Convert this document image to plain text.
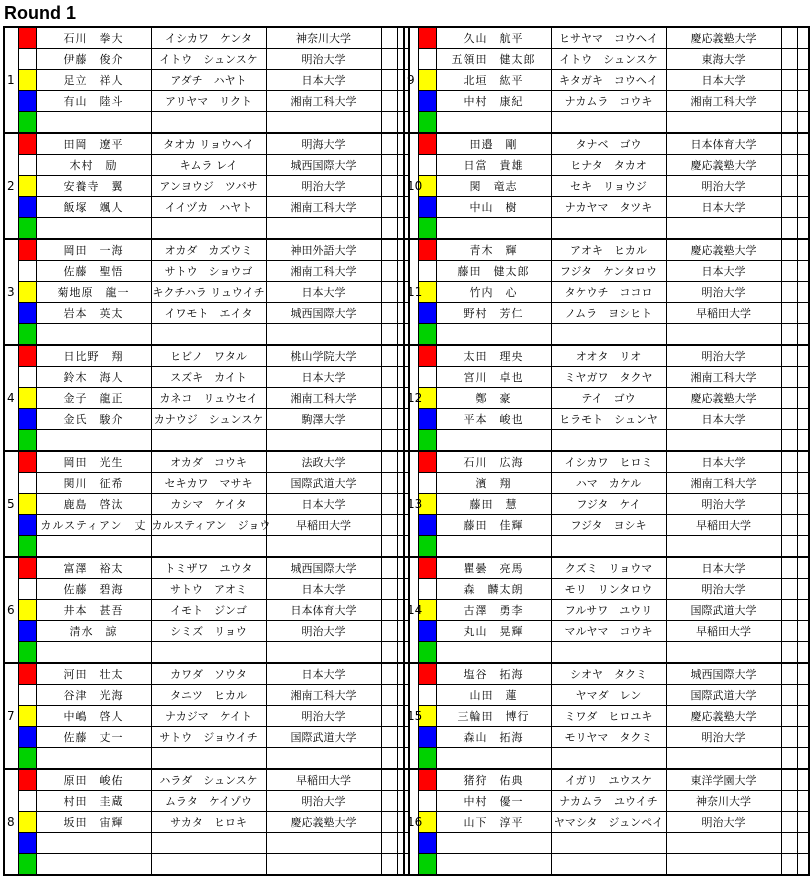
Round 1
1		石川　拳大	イシカワ　ケンタ	神奈川大学		

		伊藤　俊介	イトウ　シュンスケ	明治大学		

		足立　祥人	アダチ　ハヤト	日本大学		

		有山　陸斗	アリヤマ　リクト	湘南工科大学		

2		田岡　遼平	タオカ リョウヘイ	明海大学		

		木村　励	キムラ レイ	城西国際大学		

		安養寺　翼	アンヨウジ　ツバサ	明治大学		

		飯塚　颯人	イイヅカ　ハヤト	湘南工科大学		

3		岡田　一海	オカダ　カズウミ	神田外語大学		

		佐藤　聖悟	サトウ　ショウゴ	湘南工科大学		

		菊地原　龍一	キクチハラ リュウイチ	日本大学		

		岩本　英太	イワモト　エイタ	城西国際大学		

4		日比野　翔	ヒビノ　ワタル	桃山学院大学		

		鈴木　海人	スズキ　カイト	日本大学		

		金子　龍正	カネコ　リュウセイ	湘南工科大学		

		金氏　駿介	カナウジ　シュンスケ	駒澤大学		

5		岡田　光生	オカダ　コウキ	法政大学		

		関川　征希	セキカワ　マサキ	国際武道大学		

		鹿島　啓汰	カシマ　ケイタ	日本大学		

		カルスティアン　丈	カルスティアン　ジョウ	早稲田大学		

6		富澤　裕太	トミザワ　ユウタ	城西国際大学		

		佐藤　碧海	サトウ　アオミ	日本大学		

		井本　甚吾	イモト　ジンゴ	日本体育大学		

		清水　諒	シミズ　リョウ	明治大学		

7		河田　壮太	カワダ　ソウタ	日本大学		

		谷津　光海	タニツ　ヒカル	湘南工科大学		

		中嶋　啓人	ナカジマ　ケイト	明治大学		

		佐藤　丈一	サトウ　ジョウイチ	国際武道大学		

8		原田　峻佑	ハラダ　シュンスケ	早稲田大学		

		村田　圭蔵	ムラタ　ケイゾウ	明治大学		

		坂田　宙輝	サカタ　ヒロキ	慶応義塾大学		

9		久山　航平	ヒサヤマ　コウヘイ	慶応義塾大学		

		五領田　健太郎	イトウ　シュンスケ	東海大学		

		北垣　紘平	キタガキ　コウヘイ	日本大学		

		中村　康紀	ナカムラ　コウキ	湘南工科大学		

10		田邉　剛	タナベ　ゴウ	日本体育大学		

		日當　貴雄	ヒナタ　タカオ	慶応義塾大学		

		関　竜志	セキ　リョウジ	明治大学		

		中山　樹	ナカヤマ　タツキ	日本大学		

11		青木　輝	アオキ　ヒカル	慶応義塾大学		

		藤田　健太郎	フジタ　ケンタロウ	日本大学		

		竹内　心	タケウチ　ココロ	明治大学		

		野村　芳仁	ノムラ　ヨシヒト	早稲田大学		

12		太田　理央	オオタ　リオ	明治大学		

		宮川　卓也	ミヤガワ　タクヤ	湘南工科大学		

		鄭　豪	テイ　ゴウ	慶応義塾大学		

		平本　峻也	ヒラモト　シュンヤ	日本大学		

13		石川　広海	イシカワ　ヒロミ	日本大学		

		濱　翔	ハマ　カケル	湘南工科大学		

		藤田　慧	フジタ　ケイ	明治大学		

		藤田　佳輝	フジタ　ヨシキ	早稲田大学		

14		瞿曇　亮馬	クズミ　リョウマ	日本大学		

		森　麟太朗	モリ　リンタロウ	明治大学		

		古澤　勇李	フルサワ　ユウリ	国際武道大学		

		丸山　晃輝	マルヤマ　コウキ	早稲田大学		

15		塩谷　拓海	シオヤ　タクミ	城西国際大学		

		山田　蓮	ヤマダ　レン	国際武道大学		

		三輪田　博行	ミワダ　ヒロユキ	慶応義塾大学		

		森山　拓海	モリヤマ　タクミ	明治大学		

16		猪狩　佑典	イガリ　ユウスケ	東洋学園大学		

		中村　優一	ナカムラ　ユウイチ	神奈川大学		

		山下　淳平	ヤマシタ　ジュンペイ	明治大学		
